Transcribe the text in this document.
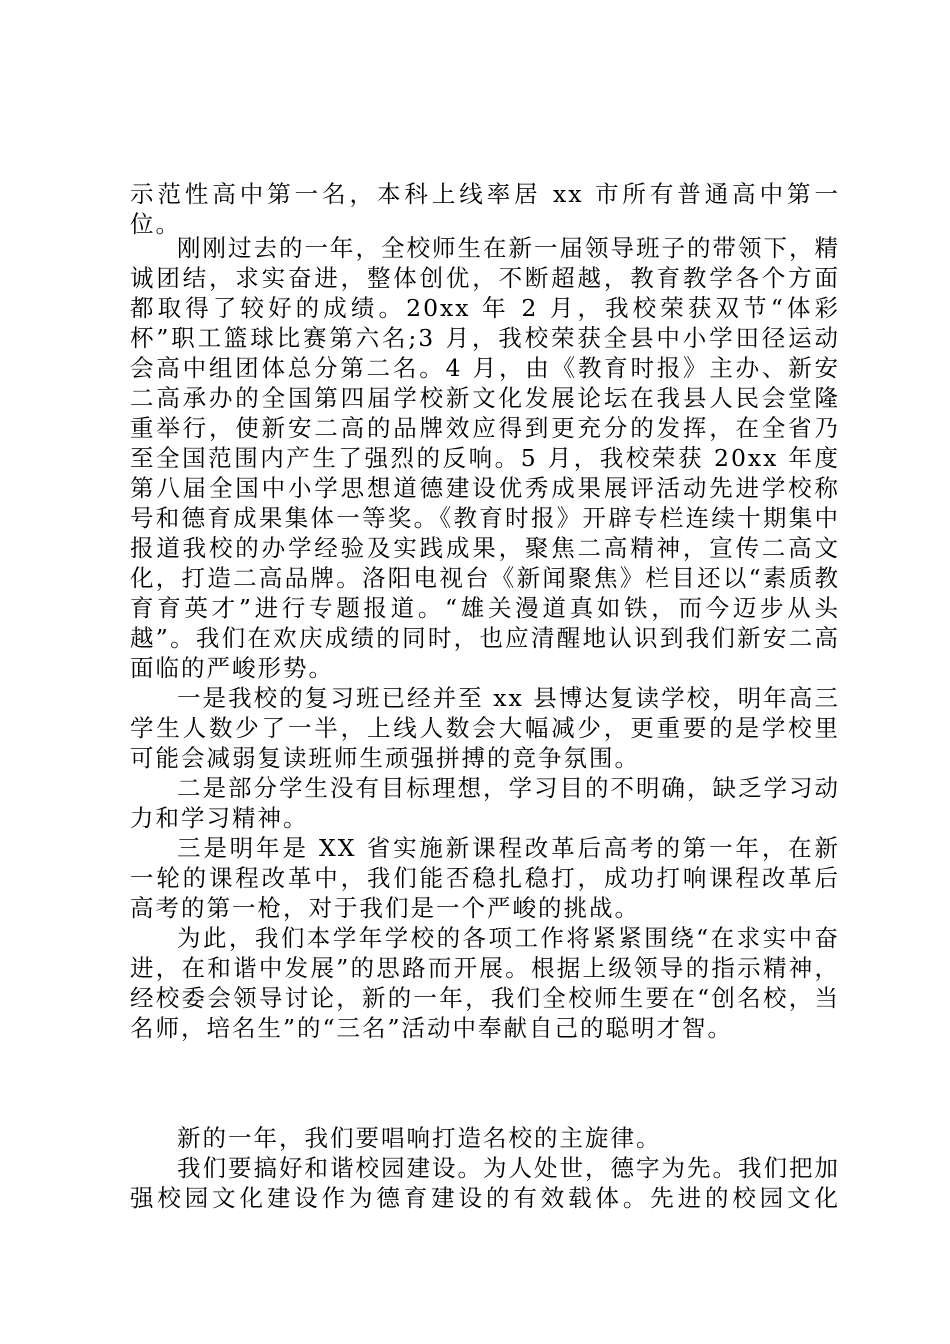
示范性高中第一名，本科上线率居 xx 市所有普通高中第一位。

刚刚过去的一年，全校师生在新一届领导班子的带领下，精诚团结，求实奋进，整体创优，不断超越，教育教学各个方面都取得了较好的成绩。20xx 年 2 月，我校荣获双节“体彩杯”职工篮球比赛第六名;3 月，我校荣获全县中小学田径运动会高中组团体总分第二名。4 月，由《教育时报》主办、新安二高承办的全国第四届学校新文化发展论坛在我县人民会堂隆重举行，使新安二高的品牌效应得到更充分的发挥，在全省乃至全国范围内产生了强烈的反响。5 月，我校荣获 20xx 年度第八届全国中小学思想道德建设优秀成果展评活动先进学校称号和德育成果集体一等奖。《教育时报》开辟专栏连续十期集中报道我校的办学经验及实践成果，聚焦二高精神，宣传二高文化，打造二高品牌。洛阳电视台《新闻聚焦》栏目还以“素质教育育英才”进行专题报道。“雄关漫道真如铁，而今迈步从头越”。我们在欢庆成绩的同时，也应清醒地认识到我们新安二高面临的严峻形势。

一是我校的复习班已经并至 xx 县博达复读学校，明年高三学生人数少了一半，上线人数会大幅减少，更重要的是学校里可能会减弱复读班师生顽强拼搏的竞争氛围。

二是部分学生没有目标理想，学习目的不明确，缺乏学习动力和学习精神。

三是明年是 XX 省实施新课程改革后高考的第一年，在新一轮的课程改革中，我们能否稳扎稳打，成功打响课程改革后高考的第一枪，对于我们是一个严峻的挑战。

为此，我们本学年学校的各项工作将紧紧围绕“在求实中奋进，在和谐中发展”的思路而开展。根据上级领导的指示精神，经校委会领导讨论，新的一年，我们全校师生要在“创名校，当名师，培名生”的“三名”活动中奉献自己的聪明才智。

新的一年，我们要唱响打造名校的主旋律。

我们要搞好和谐校园建设。为人处世，德字为先。我们把加强校园文化建设作为德育建设的有效载体。先进的校园文化
